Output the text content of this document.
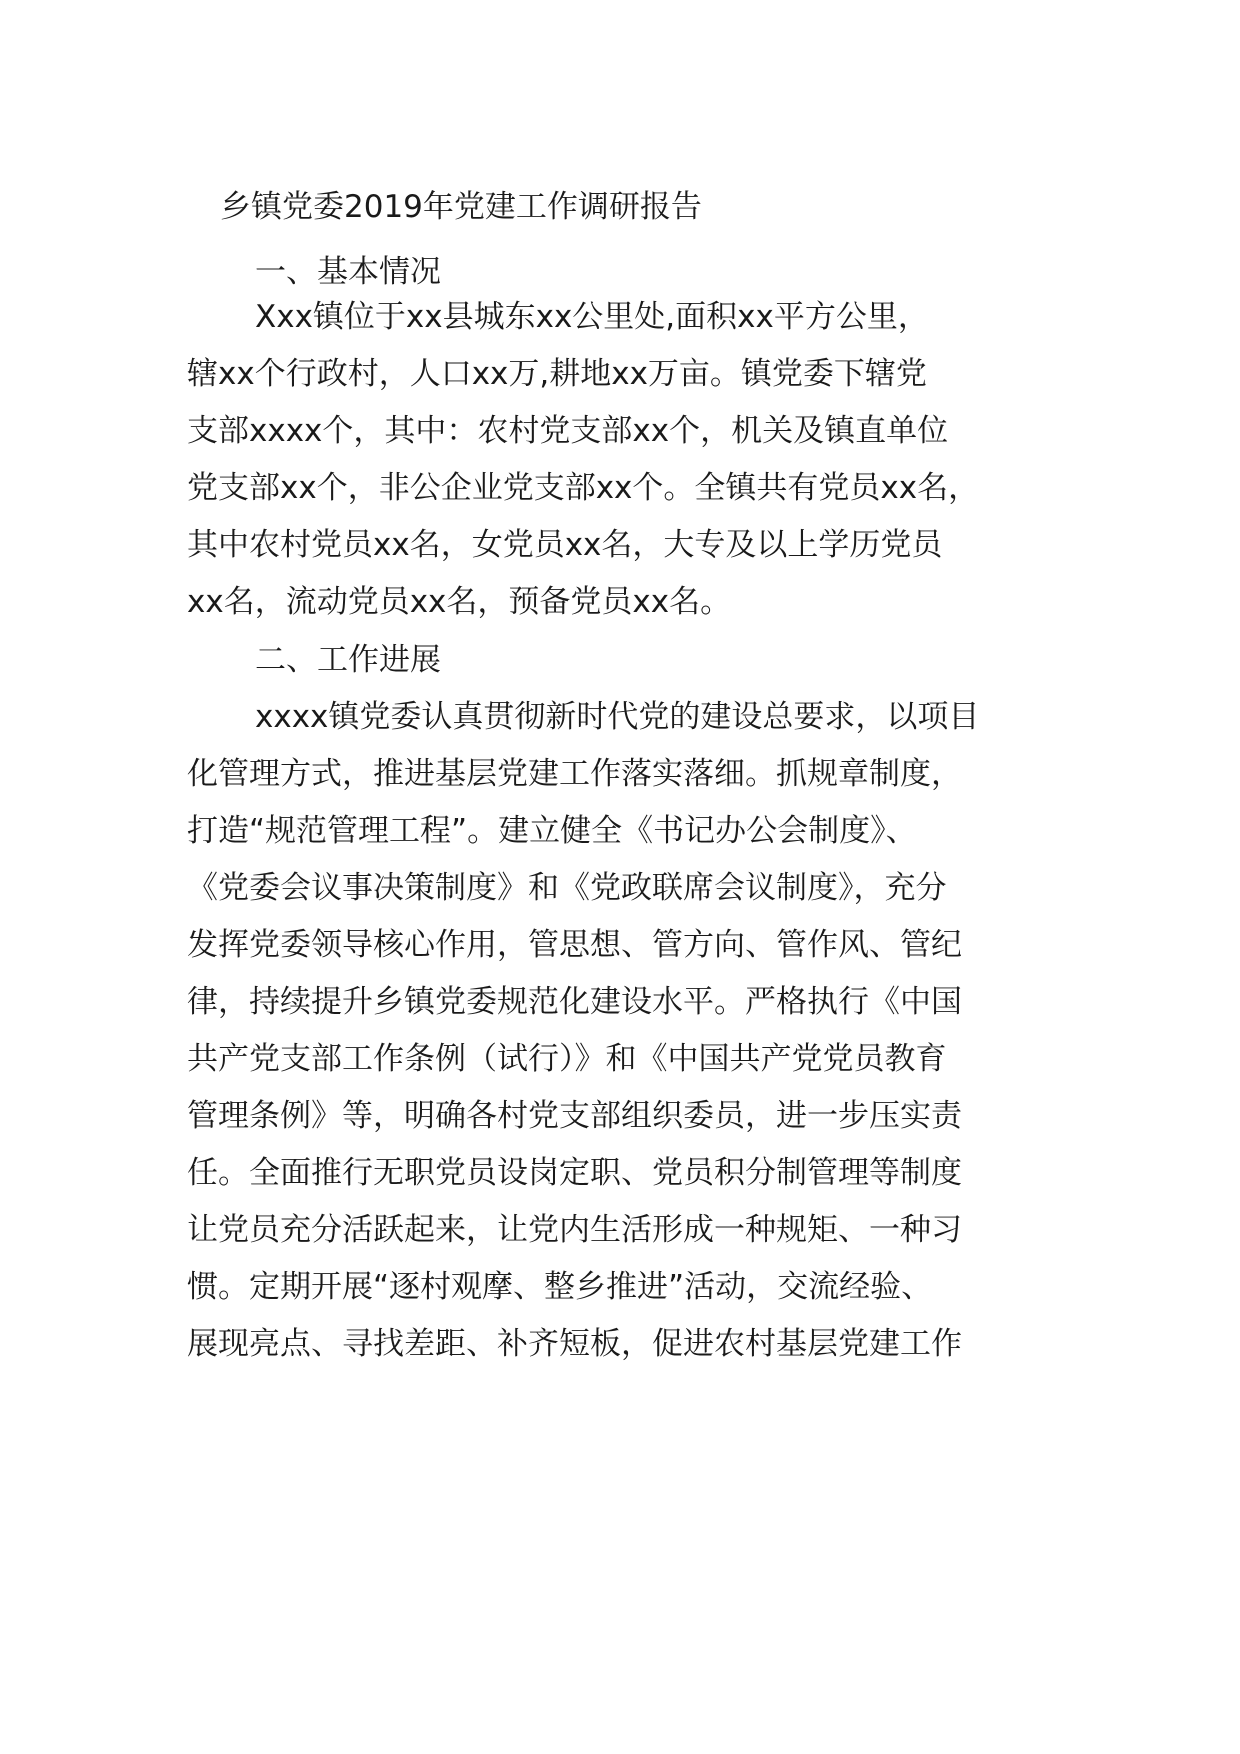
乡镇党委2019年党建工作调研报告

一、基本情况

Xxx镇位于xx县城东xx公里处,面积xx平方公里，

辖xx个行政村，人口xx万,耕地xx万亩。镇党委下辖党

支部xxxx个，其中：农村党支部xx个，机关及镇直单位

党支部xx个，非公企业党支部xx个。全镇共有党员xx名，

其中农村党员xx名，女党员xx名，大专及以上学历党员

xx名，流动党员xx名，预备党员xx名。

二、工作进展

xxxx镇党委认真贯彻新时代党的建设总要求，以项目

化管理方式，推进基层党建工作落实落细。抓规章制度，

打造“规范管理工程”。建立健全《书记办公会制度》、

《党委会议事决策制度》和《党政联席会议制度》，充分

发挥党委领导核心作用，管思想、管方向、管作风、管纪

律，持续提升乡镇党委规范化建设水平。严格执行《中国

共产党支部工作条例（试行）》和《中国共产党党员教育

管理条例》等，明确各村党支部组织委员，进一步压实责

任。全面推行无职党员设岗定职、党员积分制管理等制度

让党员充分活跃起来，让党内生活形成一种规矩、一种习

惯。定期开展“逐村观摩、整乡推进”活动，交流经验、

展现亮点、寻找差距、补齐短板，促进农村基层党建工作
